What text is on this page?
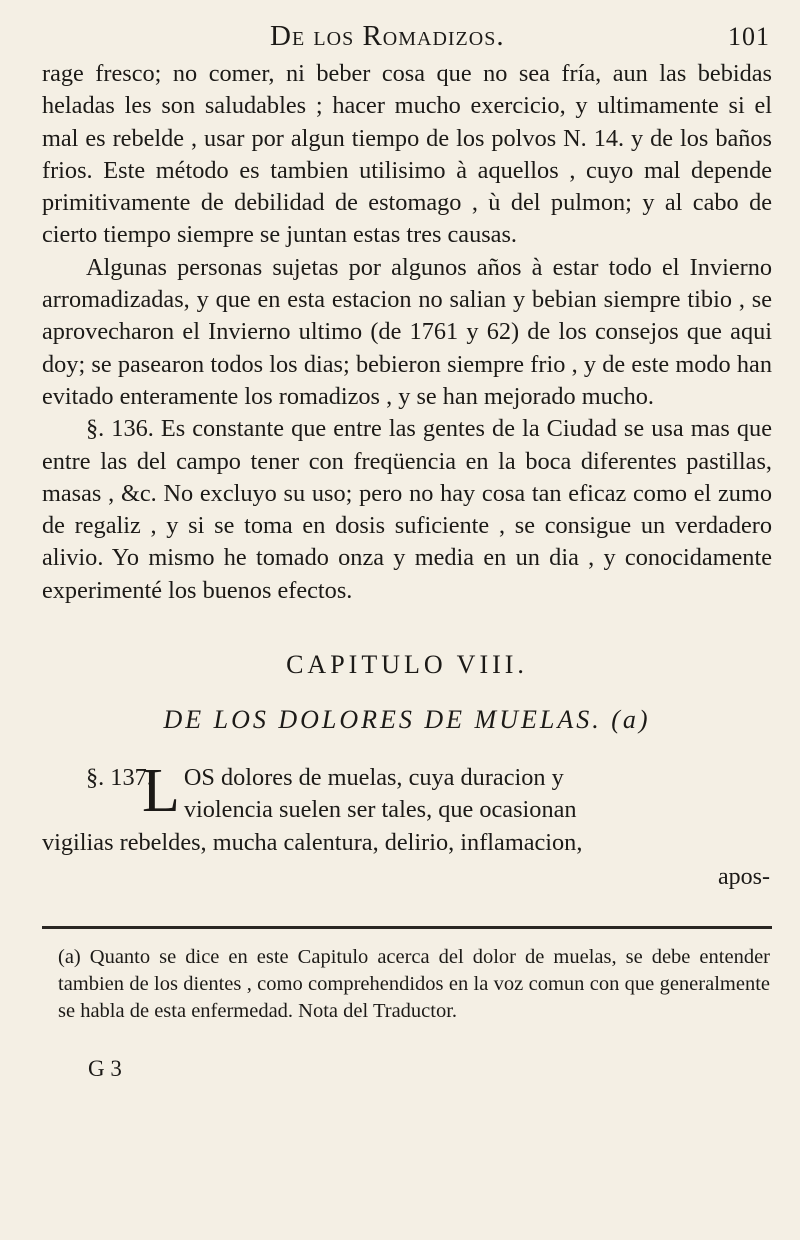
De los Romadizos.	101

rage fresco; no comer, ni beber cosa que no sea fría, aun las bebidas heladas les son saludables ; hacer mucho exercicio, y ultimamente si el mal es rebelde , usar por algun tiempo de los polvos N. 14. y de los baños frios. Este método es tambien utilisimo à aquellos , cuyo mal depende primitivamente de debilidad de estomago , ù del pulmon; y al cabo de cierto tiempo siempre se juntan estas tres causas.

Algunas personas sujetas por algunos años à estar todo el Invierno arromadizadas, y que en esta estacion no salian y bebian siempre tibio , se aprovecharon el Invierno ultimo (de 1761 y 62) de los consejos que aqui doy; se pasearon todos los dias; bebieron siempre frio , y de este modo han evitado enteramente los romadizos , y se han mejorado mucho.

§. 136. Es constante que entre las gentes de la Ciudad se usa mas que entre las del campo tener con freqüencia en la boca diferentes pastillas, masas , &c. No excluyo su uso; pero no hay cosa tan eficaz como el zumo de regaliz , y si se toma en dosis suficiente , se consigue un verdadero alivio. Yo mismo he tomado onza y media en un dia , y conocidamente experimenté los buenos efectos.

CAPITULO VIII.
DE LOS DOLORES DE MUELAS. (a)
§. 137.
L OS dolores de muelas, cuya duracion y
violencia suelen ser tales, que ocasionan
vigilias rebeldes, mucha calentura, delirio, inflamacion,
apos-
(a) Quanto se dice en este Capitulo acerca del dolor de muelas, se debe entender tambien de los dientes , como comprehendidos en la voz comun con que generalmente se habla de esta enfermedad. Nota del Traductor.
G 3
